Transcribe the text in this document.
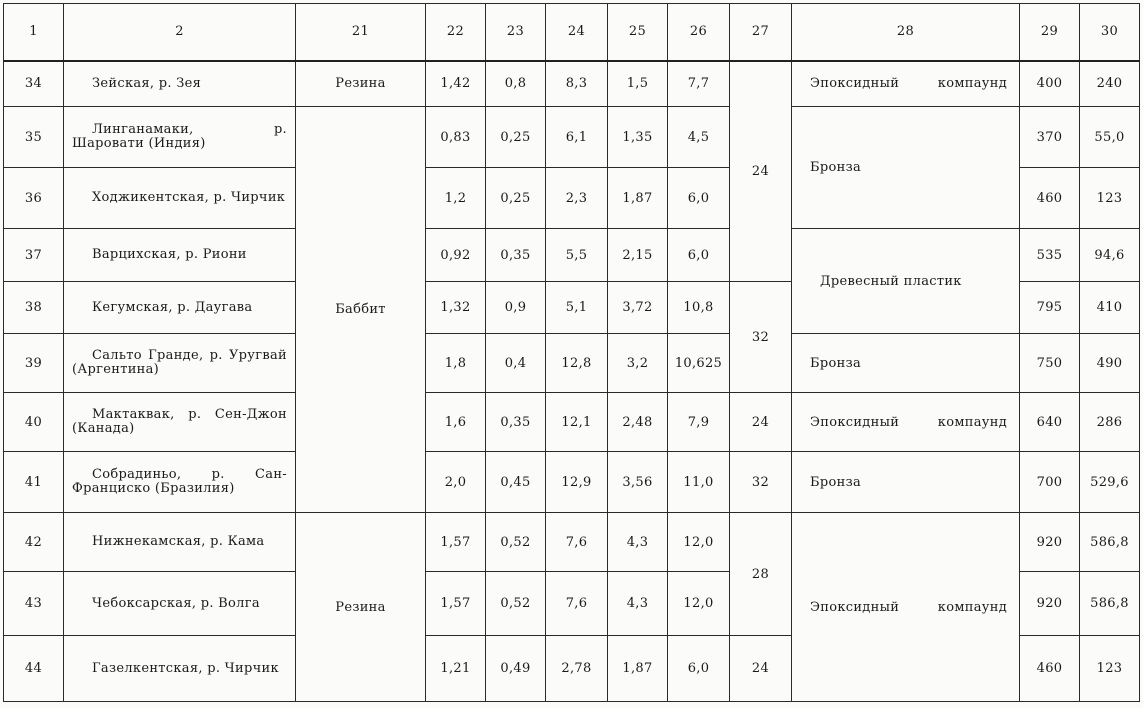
1	2	21	22	23	24	25	26	27	28	29	30
34	Зейская, р. Зея	Резина	1,42	0,8	8,3	1,5	7,7	24	Эпоксидный компаунд	400	240
35	Линганамаки, р. Шаровати (Индия)	Баббит	0,83	0,25	6,1	1,35	4,5		Бронза	370	55,0
36	Ходжикентская, р. Чирчик		1,2	0,25	2,3	1,87	6,0			460	123
37	Варцихская, р. Риони		0,92	0,35	5,5	2,15	6,0		Древесный пластик	535	94,6
38	Кегумская, р. Даугава		1,32	0,9	5,1	3,72	10,8	32		795	410
39	Сальто Гранде, р. Уругвай (Аргентина)		1,8	0,4	12,8	3,2	10,625		Бронза	750	490
40	Мактаквак, р. Сен-Джон (Канада)		1,6	0,35	12,1	2,48	7,9	24	Эпоксидный компаунд	640	286
41	Собрадиньо, р. Сан-Франциско (Бразилия)		2,0	0,45	12,9	3,56	11,0	32	Бронза	700	529,6
42	Нижнекамская, р. Кама	Резина	1,57	0,52	7,6	4,3	12,0	28	Эпоксидный компаунд	920	586,8
43	Чебоксарская, р. Волга		1,57	0,52	7,6	4,3	12,0			920	586,8
44	Газелкентская, р. Чирчик		1,21	0,49	2,78	1,87	6,0	24		460	123
